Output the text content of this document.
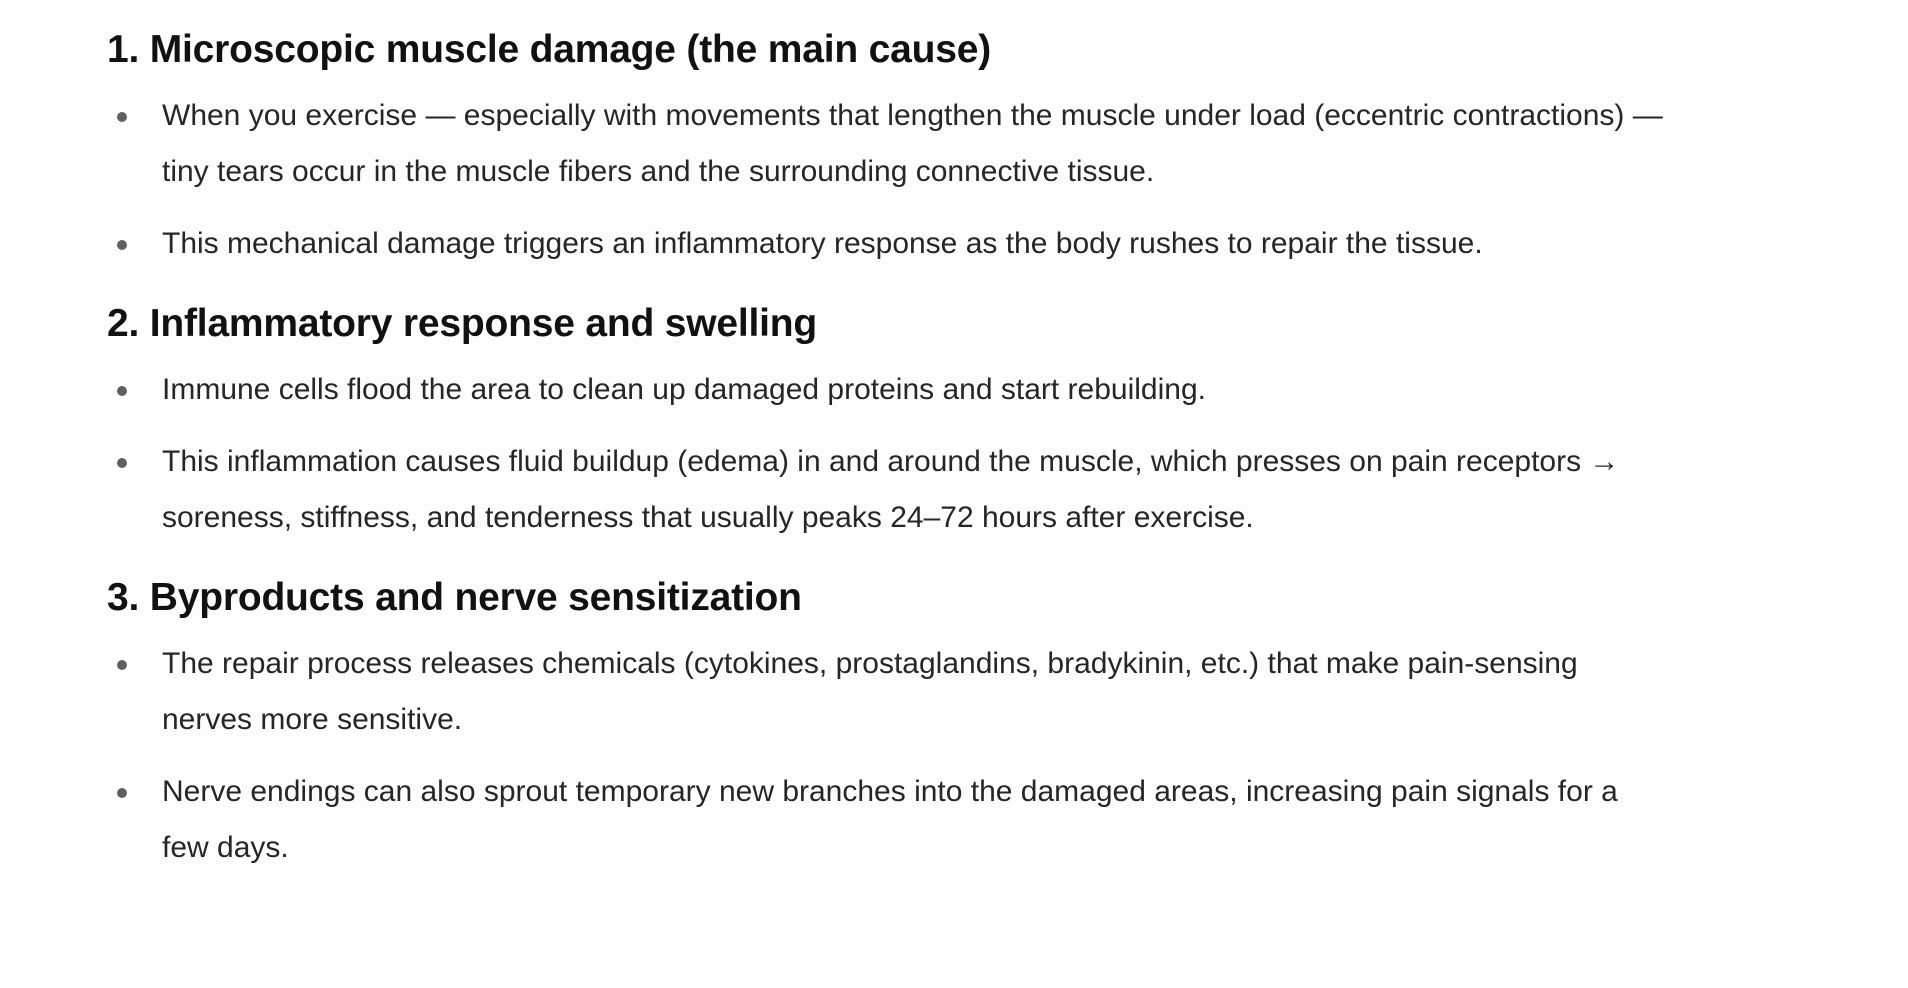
1. Microscopic muscle damage (the main cause)
When you exercise — especially with movements that lengthen the muscle under load (eccentric contractions) — tiny tears occur in the muscle fibers and the surrounding connective tissue.
This mechanical damage triggers an inflammatory response as the body rushes to repair the tissue.
2. Inflammatory response and swelling
Immune cells flood the area to clean up damaged proteins and start rebuilding.
This inflammation causes fluid buildup (edema) in and around the muscle, which presses on pain receptors → soreness, stiffness, and tenderness that usually peaks 24–72 hours after exercise.
3. Byproducts and nerve sensitization
The repair process releases chemicals (cytokines, prostaglandins, bradykinin, etc.) that make pain-sensing nerves more sensitive.
Nerve endings can also sprout temporary new branches into the damaged areas, increasing pain signals for a few days.
